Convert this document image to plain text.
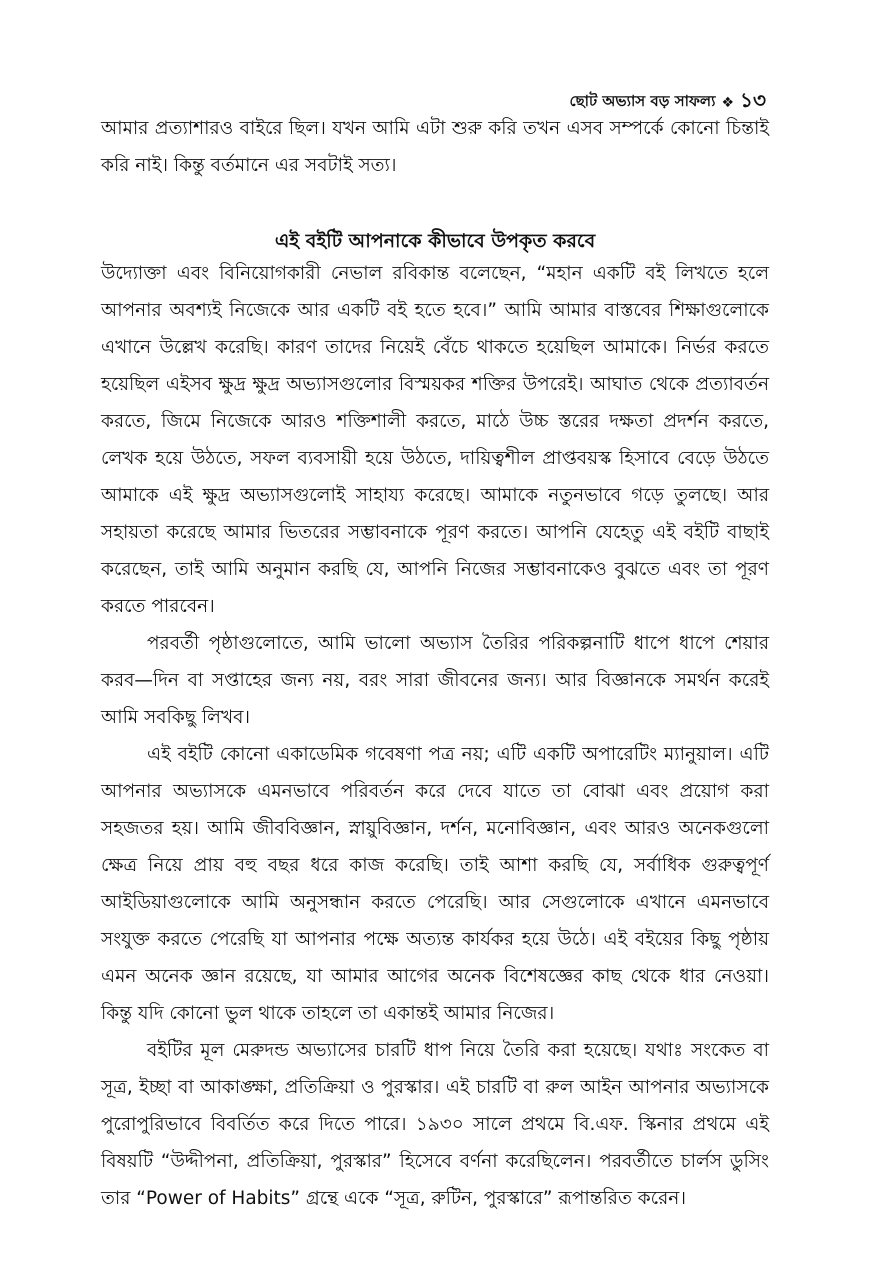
ছোট অভ্যাস বড় সাফল্য ❖ ১৩

আমার প্রত্যাশারও বাইরে ছিল। যখন আমি এটা শুরু করি তখন এসব সম্পর্কে কোনো চিন্তাই করি নাই। কিন্তু বর্তমানে এর সবটাই সত্য।

এই বইটি আপনাকে কীভাবে উপকৃত করবে

উদ্যোক্তা এবং বিনিয়োগকারী নেভাল রবিকান্ত বলেছেন, “মহান একটি বই লিখতে হলে আপনার অবশ্যই নিজেকে আর একটি বই হতে হবে।” আমি আমার বাস্তবের শিক্ষাগুলোকে এখানে উল্লেখ করেছি। কারণ তাদের নিয়েই বেঁচে থাকতে হয়েছিল আমাকে। নির্ভর করতে হয়েছিল এইসব ক্ষুদ্র ক্ষুদ্র অভ্যাসগুলোর বিস্ময়কর শক্তির উপরেই। আঘাত থেকে প্রত্যাবর্তন করতে, জিমে নিজেকে আরও শক্তিশালী করতে, মাঠে উচ্চ স্তরের দক্ষতা প্রদর্শন করতে, লেখক হয়ে উঠতে, সফল ব্যবসায়ী হয়ে উঠতে, দায়িত্বশীল প্রাপ্তবয়স্ক হিসাবে বেড়ে উঠতে আমাকে এই ক্ষুদ্র অভ্যাসগুলোই সাহায্য করেছে। আমাকে নতুনভাবে গড়ে তুলছে। আর সহায়তা করেছে আমার ভিতরের সম্ভাবনাকে পূরণ করতে। আপনি যেহেতু এই বইটি বাছাই করেছেন, তাই আমি অনুমান করছি যে, আপনি নিজের সম্ভাবনাকেও বুঝতে এবং তা পূরণ করতে পারবেন।

পরবর্তী পৃষ্ঠাগুলোতে, আমি ভালো অভ্যাস তৈরির পরিকল্পনাটি ধাপে ধাপে শেয়ার করব—দিন বা সপ্তাহের জন্য নয়, বরং সারা জীবনের জন্য। আর বিজ্ঞানকে সমর্থন করেই আমি সবকিছু লিখব।

এই বইটি কোনো একাডেমিক গবেষণা পত্র নয়; এটি একটি অপারেটিং ম্যানুয়াল। এটি আপনার অভ্যাসকে এমনভাবে পরিবর্তন করে দেবে যাতে তা বোঝা এবং প্রয়োগ করা সহজতর হয়। আমি জীববিজ্ঞান, স্নায়ুবিজ্ঞান, দর্শন, মনোবিজ্ঞান, এবং আরও অনেকগুলো ক্ষেত্র নিয়ে প্রায় বহু বছর ধরে কাজ করেছি। তাই আশা করছি যে, সর্বাধিক গুরুত্বপূর্ণ আইডিয়াগুলোকে আমি অনুসন্ধান করতে পেরেছি। আর সেগুলোকে এখানে এমনভাবে সংযুক্ত করতে পেরেছি যা আপনার পক্ষে অত্যন্ত কার্যকর হয়ে উঠে। এই বইয়ের কিছু পৃষ্ঠায় এমন অনেক জ্ঞান রয়েছে, যা আমার আগের অনেক বিশেষজ্ঞের কাছ থেকে ধার নেওয়া। কিন্তু যদি কোনো ভুল থাকে তাহলে তা একান্তই আমার নিজের।

বইটির মূল মেরুদন্ড অভ্যাসের চারটি ধাপ নিয়ে তৈরি করা হয়েছে। যথাঃ সংকেত বা সূত্র, ইচ্ছা বা আকাঙ্ক্ষা, প্রতিক্রিয়া ও পুরস্কার। এই চারটি বা রুল আইন আপনার অভ্যাসকে পুরোপুরিভাবে বিবর্তিত করে দিতে পারে। ১৯৩০ সালে প্রথমে বি.এফ. স্কিনার প্রথমে এই বিষয়টি “উদ্দীপনা, প্রতিক্রিয়া, পুরস্কার” হিসেবে বর্ণনা করেছিলেন। পরবর্তীতে চার্লস ডুসিং তার “Power of Habits” গ্রন্থে একে “সূত্র, রুটিন, পুরস্কারে” রূপান্তরিত করেন।
